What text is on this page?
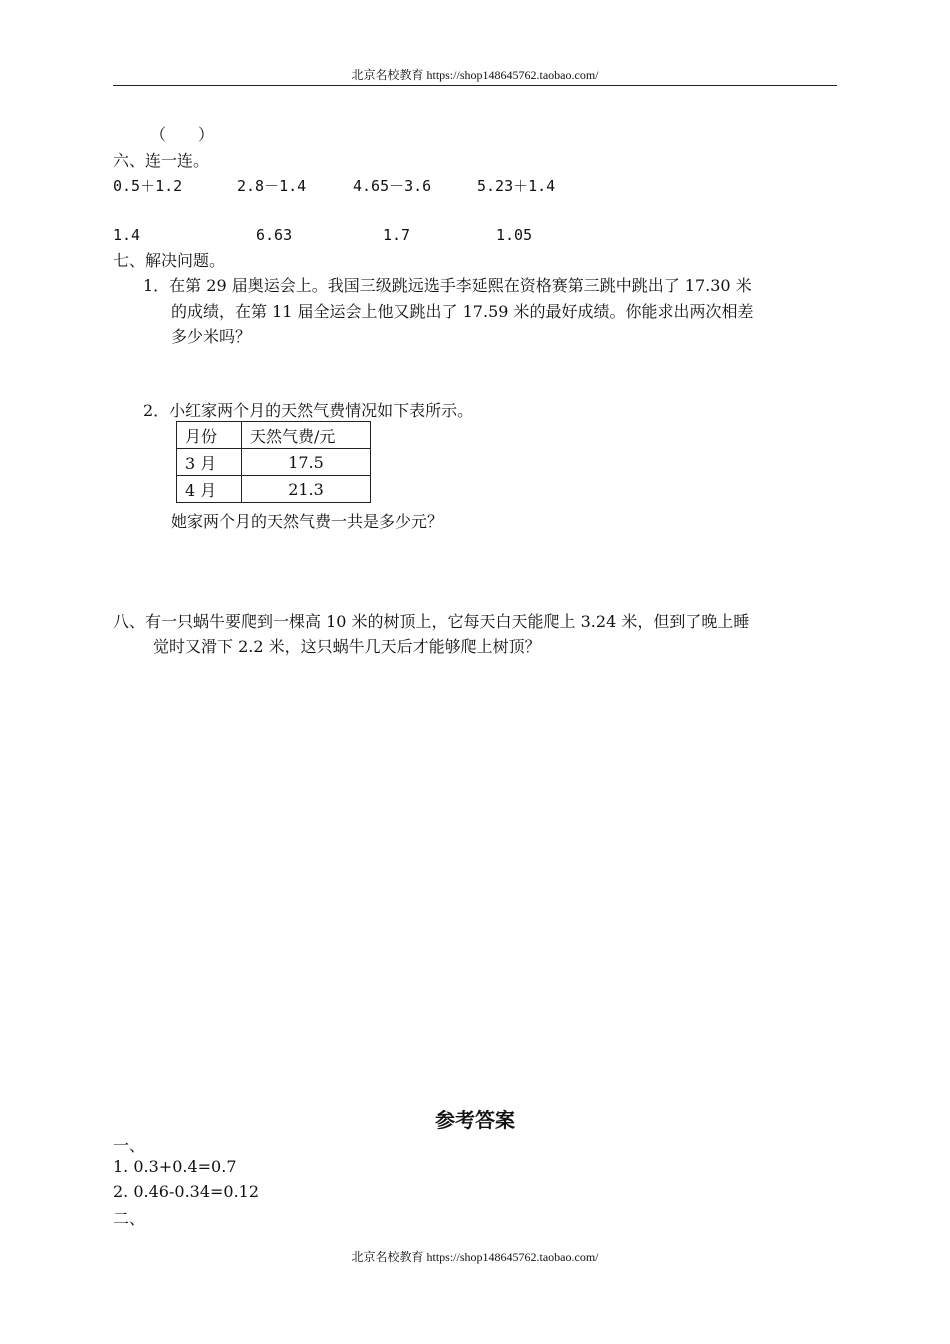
北京名校教育 https://shop148645762.taobao.com/
（　　）
六、连一连。
0.5＋1.2	2.8－1.4	4.65－3.6	5.23＋1.4
1.4	6.63	1.7	1.05
七、解决问题。
1．在第 29 届奥运会上。我国三级跳远选手李延熙在资格赛第三跳中跳出了 17.30 米
的成绩，在第 11 届全运会上他又跳出了 17.59 米的最好成绩。你能求出两次相差
多少米吗？
2．小红家两个月的天然气费情况如下表所示。
月份	天然气费/元
3 月	17.5
4 月	21.3
她家两个月的天然气费一共是多少元？
八、有一只蜗牛要爬到一棵高 10 米的树顶上，它每天白天能爬上 3.24 米，但到了晚上睡
觉时又滑下 2.2 米，这只蜗牛几天后才能够爬上树顶？
参考答案
一、
1. 0.3+0.4=0.7
2. 0.46-0.34=0.12
二、
北京名校教育 https://shop148645762.taobao.com/
